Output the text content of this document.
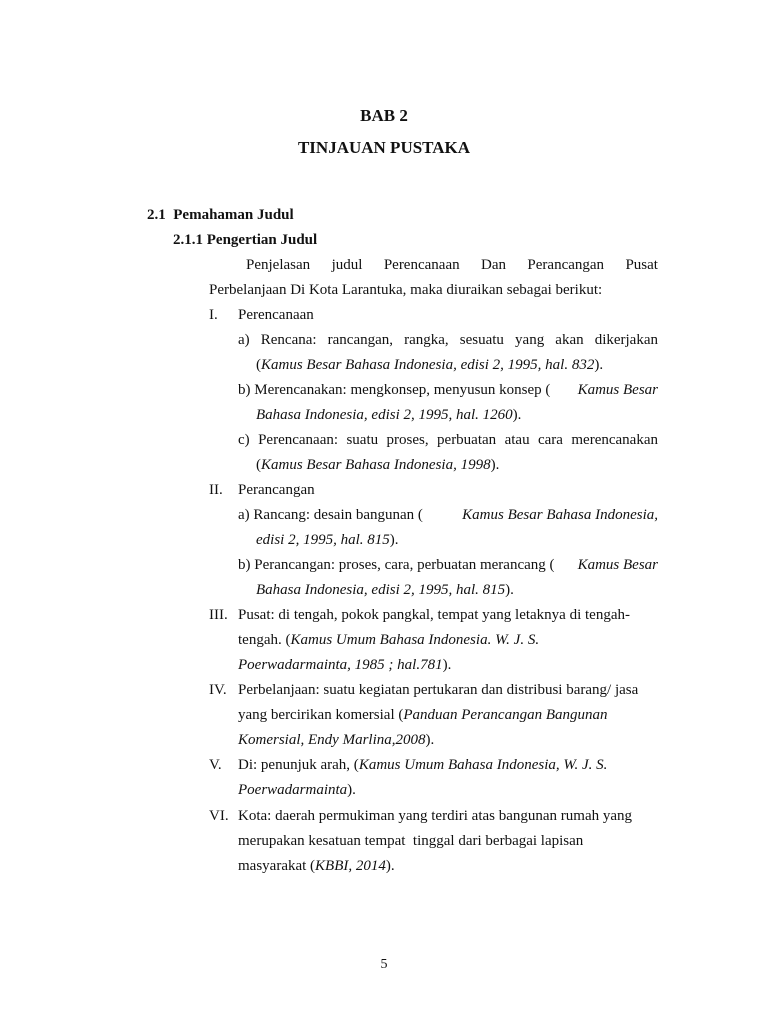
BAB 2
TINJAUAN PUSTAKA
2.1 Pemahaman Judul
2.1.1 Pengertian Judul
Penjelasan judul Perencanaan Dan Perancangan Pusat
Perbelanjaan Di Kota Larantuka, maka diuraikan sebagai berikut:
I. Perencanaan
a) Rencana: rancangan, rangka, sesuatu yang akan dikerjakan
(Kamus Besar Bahasa Indonesia, edisi 2, 1995, hal. 832).
b) Merencanakan: mengkonsep, menyusun konsep ( Kamus Besar
Bahasa Indonesia, edisi 2, 1995, hal. 1260).
c) Perencanaan: suatu proses, perbuatan atau cara merencanakan
(Kamus Besar Bahasa Indonesia, 1998).
II. Perancangan
a) Rancang: desain bangunan (	Kamus Besar Bahasa Indonesia,
edisi 2, 1995, hal. 815).
b) Perancangan: proses, cara, perbuatan merancang ( Kamus Besar
Bahasa Indonesia, edisi 2, 1995, hal. 815).
III. Pusat: di tengah, pokok pangkal, tempat yang letaknya di tengah-
tengah. (Kamus Umum Bahasa Indonesia. W. J. S.
Poerwadarmainta, 1985 ; hal.781).
IV. Perbelanjaan: suatu kegiatan pertukaran dan distribusi barang/ jasa
yang bercirikan komersial (Panduan Perancangan Bangunan
Komersial, Endy Marlina,2008).
V. Di: penunjuk arah, (Kamus Umum Bahasa Indonesia, W. J. S.
Poerwadarmainta).
VI. Kota: daerah permukiman yang terdiri atas bangunan rumah yang
merupakan kesatuan tempat  tinggal dari berbagai lapisan
masyarakat (KBBI, 2014).
5
